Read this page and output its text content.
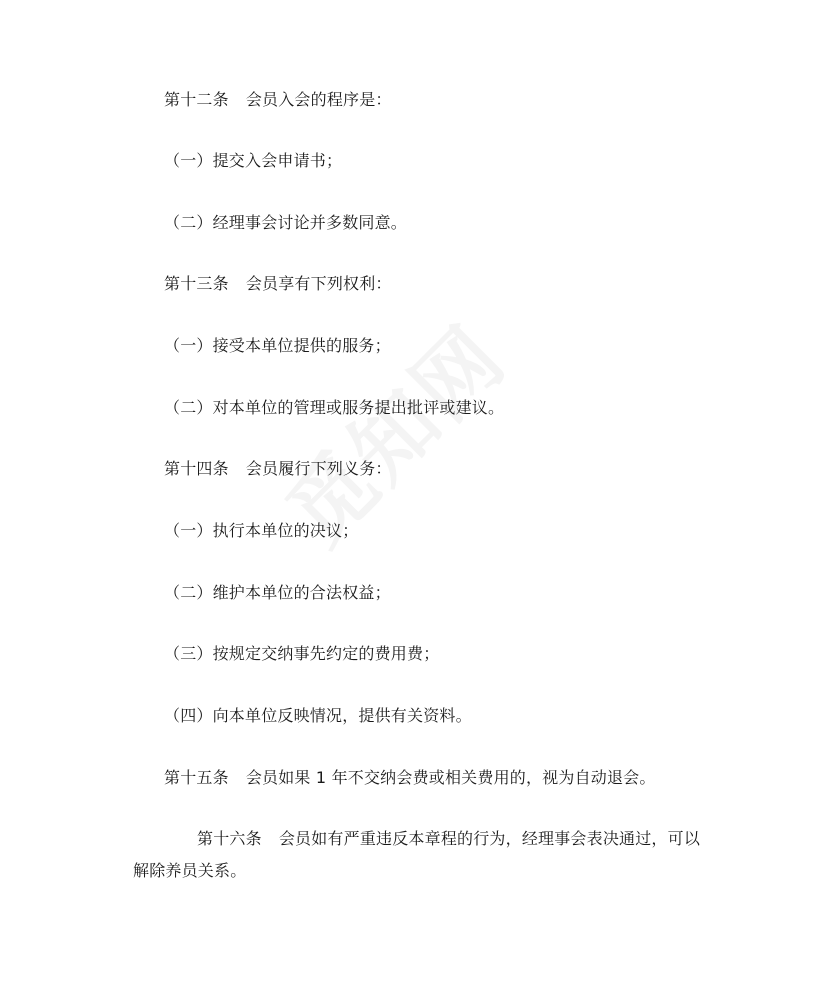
第十二条 会员入会的程序是：
（一）提交入会申请书；
（二）经理事会讨论并多数同意。
第十三条 会员享有下列权利：
（一）接受本单位提供的服务；
（二）对本单位的管理或服务提出批评或建议。
第十四条 会员履行下列义务：
（一）执行本单位的决议；
（二）维护本单位的合法权益；
（三）按规定交纳事先约定的费用费；
（四）向本单位反映情况，提供有关资料。
第十五条 会员如果 1 年不交纳会费或相关费用的，视为自动退会。
第十六条 会员如有严重违反本章程的行为，经理事会表决通过，可以解除养员关系。
